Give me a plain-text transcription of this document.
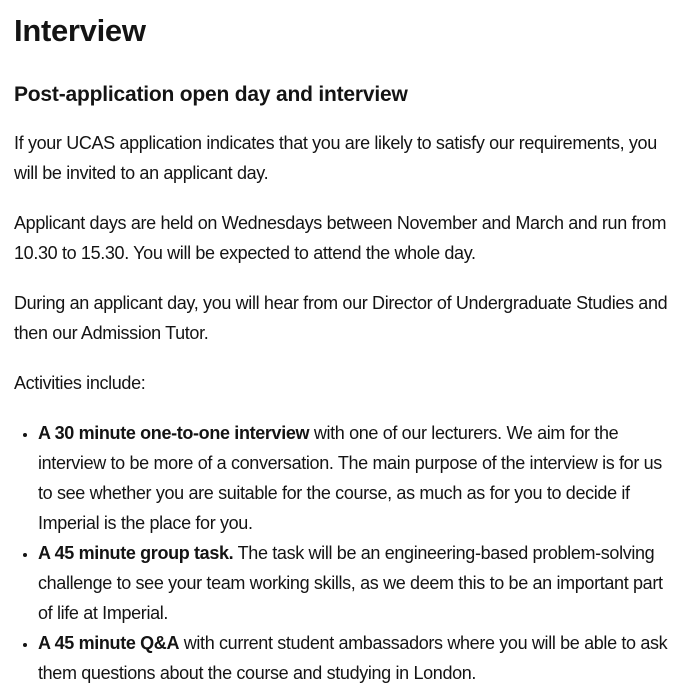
Interview
Post-application open day and interview

If your UCAS application indicates that you are likely to satisfy our requirements, you will be invited to an applicant day.

Applicant days are held on Wednesdays between November and March and run from 10.30 to 15.30. You will be expected to attend the whole day.

During an applicant day, you will hear from our Director of Undergraduate Studies and then our Admission Tutor.

Activities include:

• A 30 minute one-to-one interview with one of our lecturers. We aim for the interview to be more of a conversation. The main purpose of the interview is for us to see whether you are suitable for the course, as much as for you to decide if Imperial is the place for you.
• A 45 minute group task. The task will be an engineering-based problem-solving challenge to see your team working skills, as we deem this to be an important part of life at Imperial.
• A 45 minute Q&A with current student ambassadors where you will be able to ask them questions about the course and studying in London.
